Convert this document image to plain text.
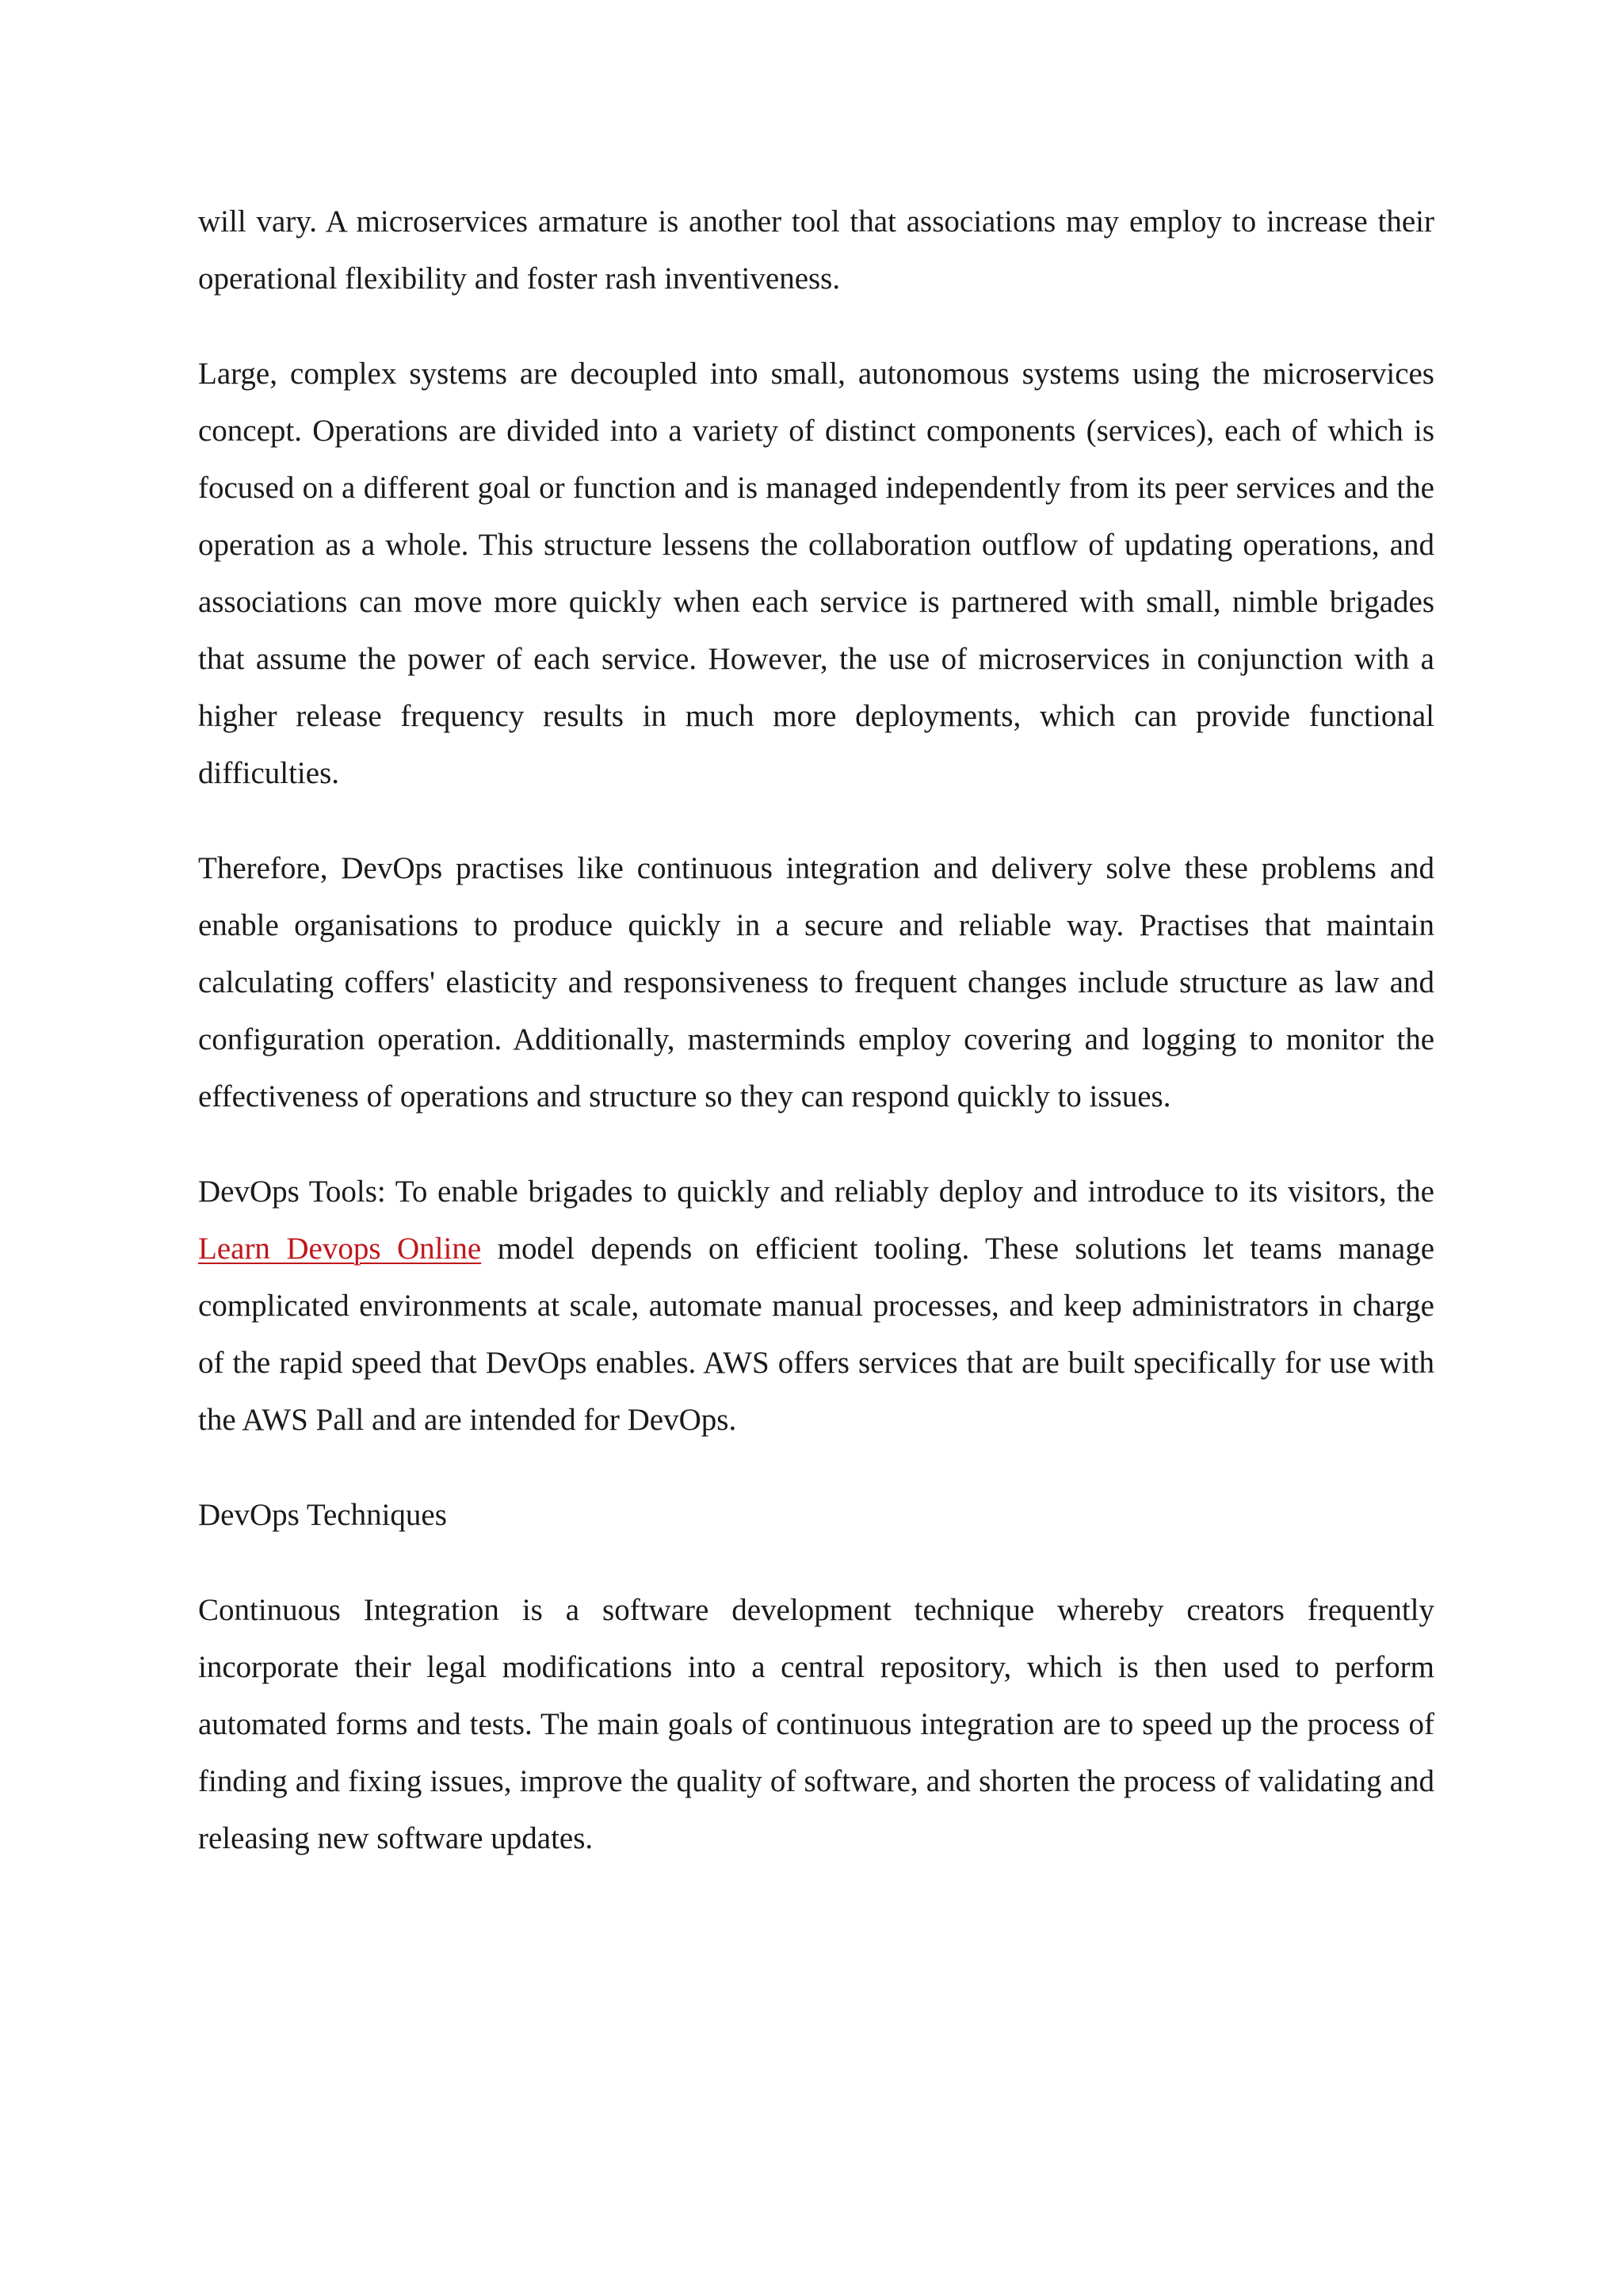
will vary. A microservices armature is another tool that associations may employ to increase their operational flexibility and foster rash inventiveness.

Large, complex systems are decoupled into small, autonomous systems using the microservices concept. Operations are divided into a variety of distinct components (services), each of which is focused on a different goal or function and is managed independently from its peer services and the operation as a whole. This structure lessens the collaboration outflow of updating operations, and associations can move more quickly when each service is partnered with small, nimble brigades that assume the power of each service. However, the use of microservices in conjunction with a higher release frequency results in much more deployments, which can provide functional difficulties.

Therefore, DevOps practises like continuous integration and delivery solve these problems and enable organisations to produce quickly in a secure and reliable way. Practises that maintain calculating coffers' elasticity and responsiveness to frequent changes include structure as law and configuration operation. Additionally, masterminds employ covering and logging to monitor the effectiveness of operations and structure so they can respond quickly to issues.

DevOps Tools: To enable brigades to quickly and reliably deploy and introduce to its visitors, the Learn Devops Online model depends on efficient tooling. These solutions let teams manage complicated environments at scale, automate manual processes, and keep administrators in charge of the rapid speed that DevOps enables. AWS offers services that are built specifically for use with the AWS Pall and are intended for DevOps.

DevOps Techniques

Continuous Integration is a software development technique whereby creators frequently incorporate their legal modifications into a central repository, which is then used to perform automated forms and tests. The main goals of continuous integration are to speed up the process of finding and fixing issues, improve the quality of software, and shorten the process of validating and releasing new software updates.
